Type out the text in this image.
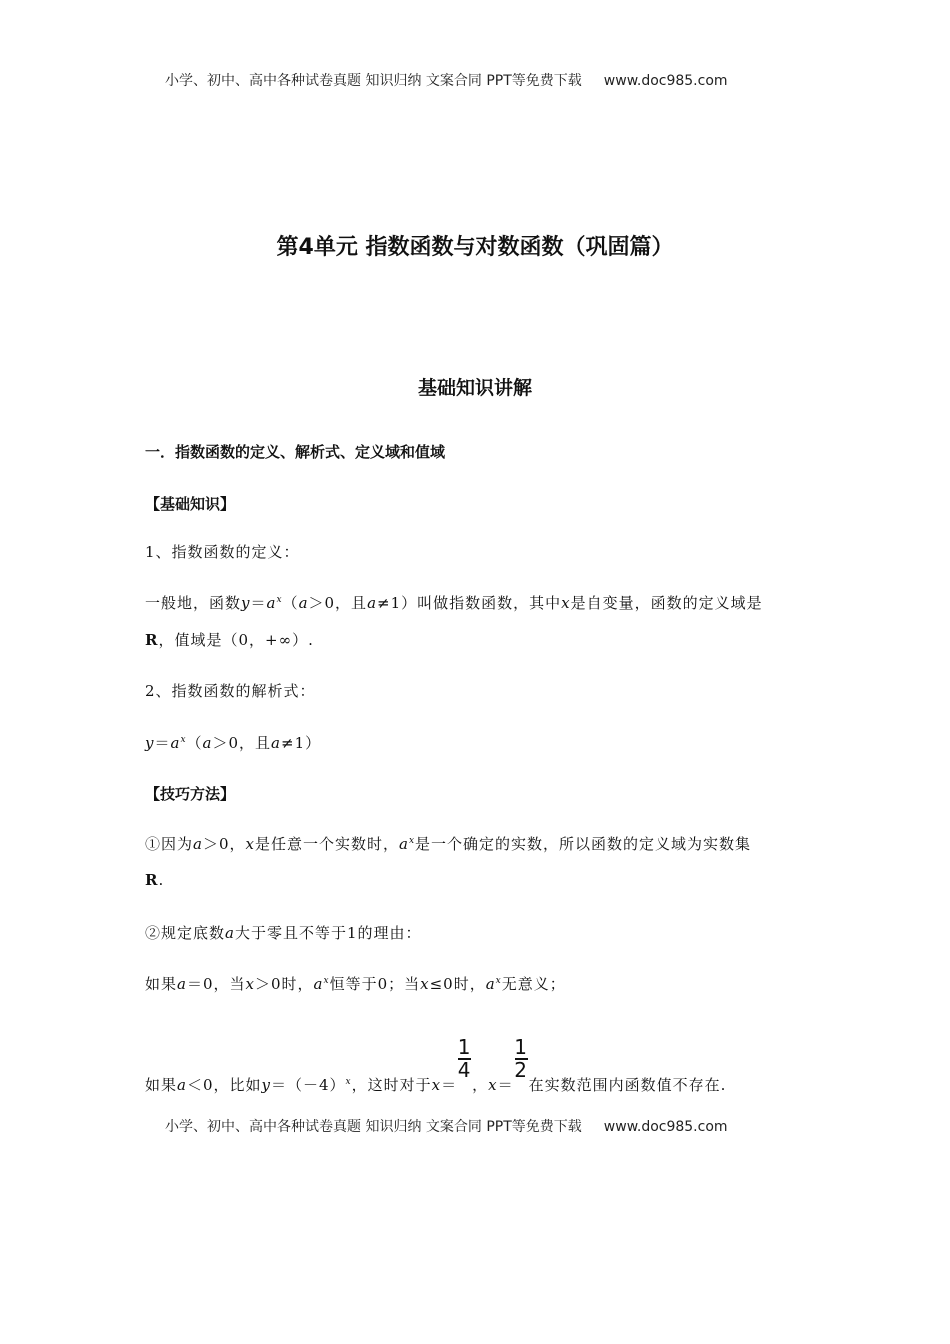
小学、初中、高中各种试卷真题 知识归纳 文案合同 PPT等免费下载 www.doc985.com
第4单元 指数函数与对数函数（巩固篇）
基础知识讲解
一．指数函数的定义、解析式、定义域和值域
【基础知识】
1、指数函数的定义：
一般地，函数$y=a^x(a>0$，且a≠1）叫做指数函数，其中x是自变量，函数的定义域是
R，值域是（0，+∞）.
2、指数函数的解析式：
$y=a^x(a>0$，且a≠1）
【技巧方法】
①因为a＞0，x是任意一个实数时，$a^x$是一个确定的实数，所以函数的定义域为实数集
R.
②规定底数a大于零且不等于1的理由：
如果a＝0，当x＞0时，$a^x$恒等于0；当x≤0时，$a^x$无意义；
如果a＜0，比如$y=(-4)^x$，这时对于x＝
$\frac{1}{4}$
，x＝
$\frac{1}{2}$
在实数范围内函数值不存在.
小学、初中、高中各种试卷真题 知识归纳 文案合同 PPT等免费下载 www.doc985.com
